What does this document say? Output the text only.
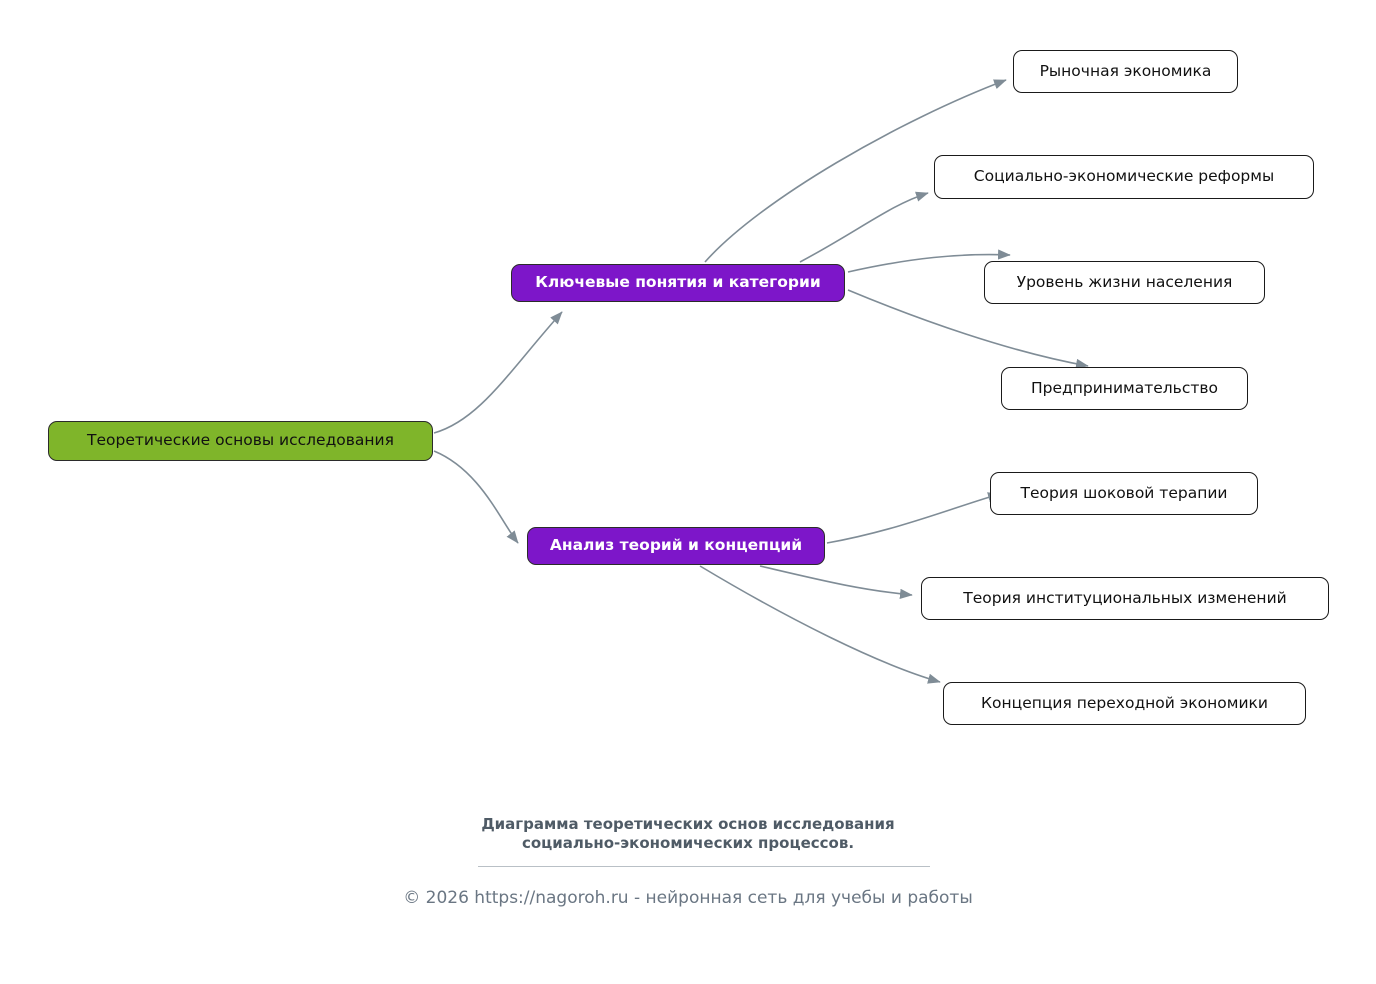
Теоретические основы исследования
Ключевые понятия и категории
Анализ теорий и концепций
Рыночная экономика
Социально-экономические реформы
Уровень жизни населения
Предпринимательство
Теория шоковой терапии
Теория институциональных изменений
Концепция переходной экономики
Диаграмма теоретических основ исследования
социально-экономических процессов.
© 2026 https://nagoroh.ru - нейронная сеть для учебы и работы
